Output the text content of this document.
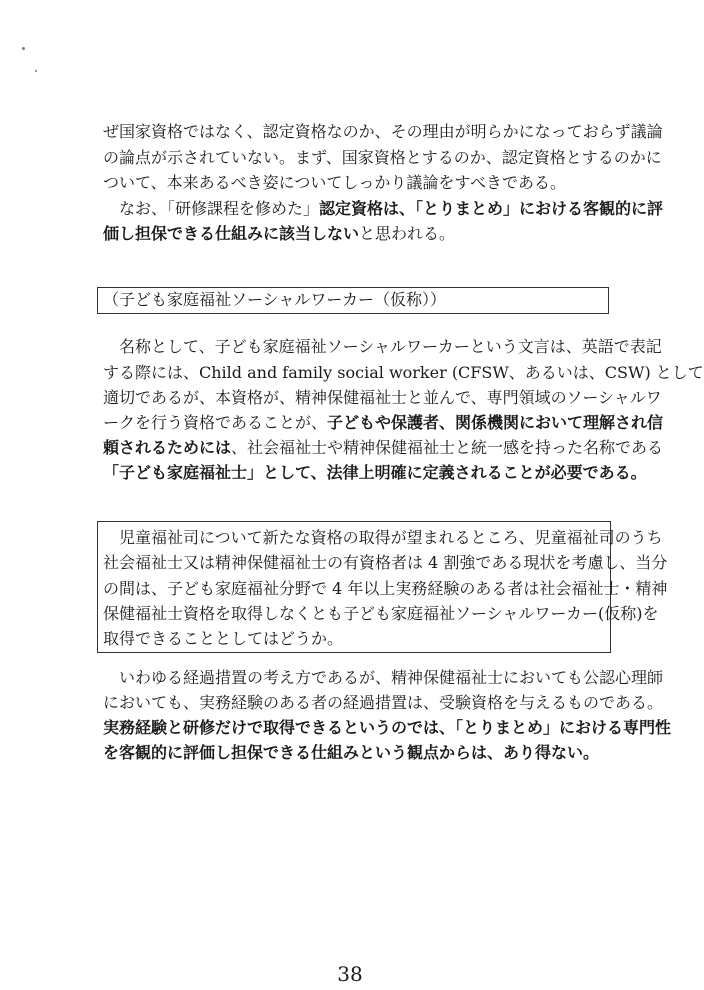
ぜ国家資格ではなく、認定資格なのか、その理由が明らかになっておらず議論
の論点が示されていない。まず、国家資格とするのか、認定資格とするのかに
ついて、本来あるべき姿についてしっかり議論をすべきである。
　なお、「研修課程を修めた」認定資格は、「とりまとめ」における客観的に評
価し担保できる仕組みに該当しないと思われる。
（子ども家庭福祉ソーシャルワーカー（仮称））
　名称として、子ども家庭福祉ソーシャルワーカーという文言は、英語で表記
する際には、Child and family social worker (CFSW、あるいは、CSW) として
適切であるが、本資格が、精神保健福祉士と並んで、専門領域のソーシャルワ
ークを行う資格であることが、子どもや保護者、関係機関において理解され信
頼されるためには、社会福祉士や精神保健福祉士と統一感を持った名称である
「子ども家庭福祉士」として、法律上明確に定義されることが必要である。
　児童福祉司について新たな資格の取得が望まれるところ、児童福祉司のうち
社会福祉士又は精神保健福祉士の有資格者は 4 割強である現状を考慮し、当分
の間は、子ども家庭福祉分野で 4 年以上実務経験のある者は社会福祉士・精神
保健福祉士資格を取得しなくとも子ども家庭福祉ソーシャルワーカー(仮称)を
取得できることとしてはどうか。
　いわゆる経過措置の考え方であるが、精神保健福祉士においても公認心理師
においても、実務経験のある者の経過措置は、受験資格を与えるものである。
実務経験と研修だけで取得できるというのでは、「とりまとめ」における専門性
を客観的に評価し担保できる仕組みという観点からは、あり得ない。
38
